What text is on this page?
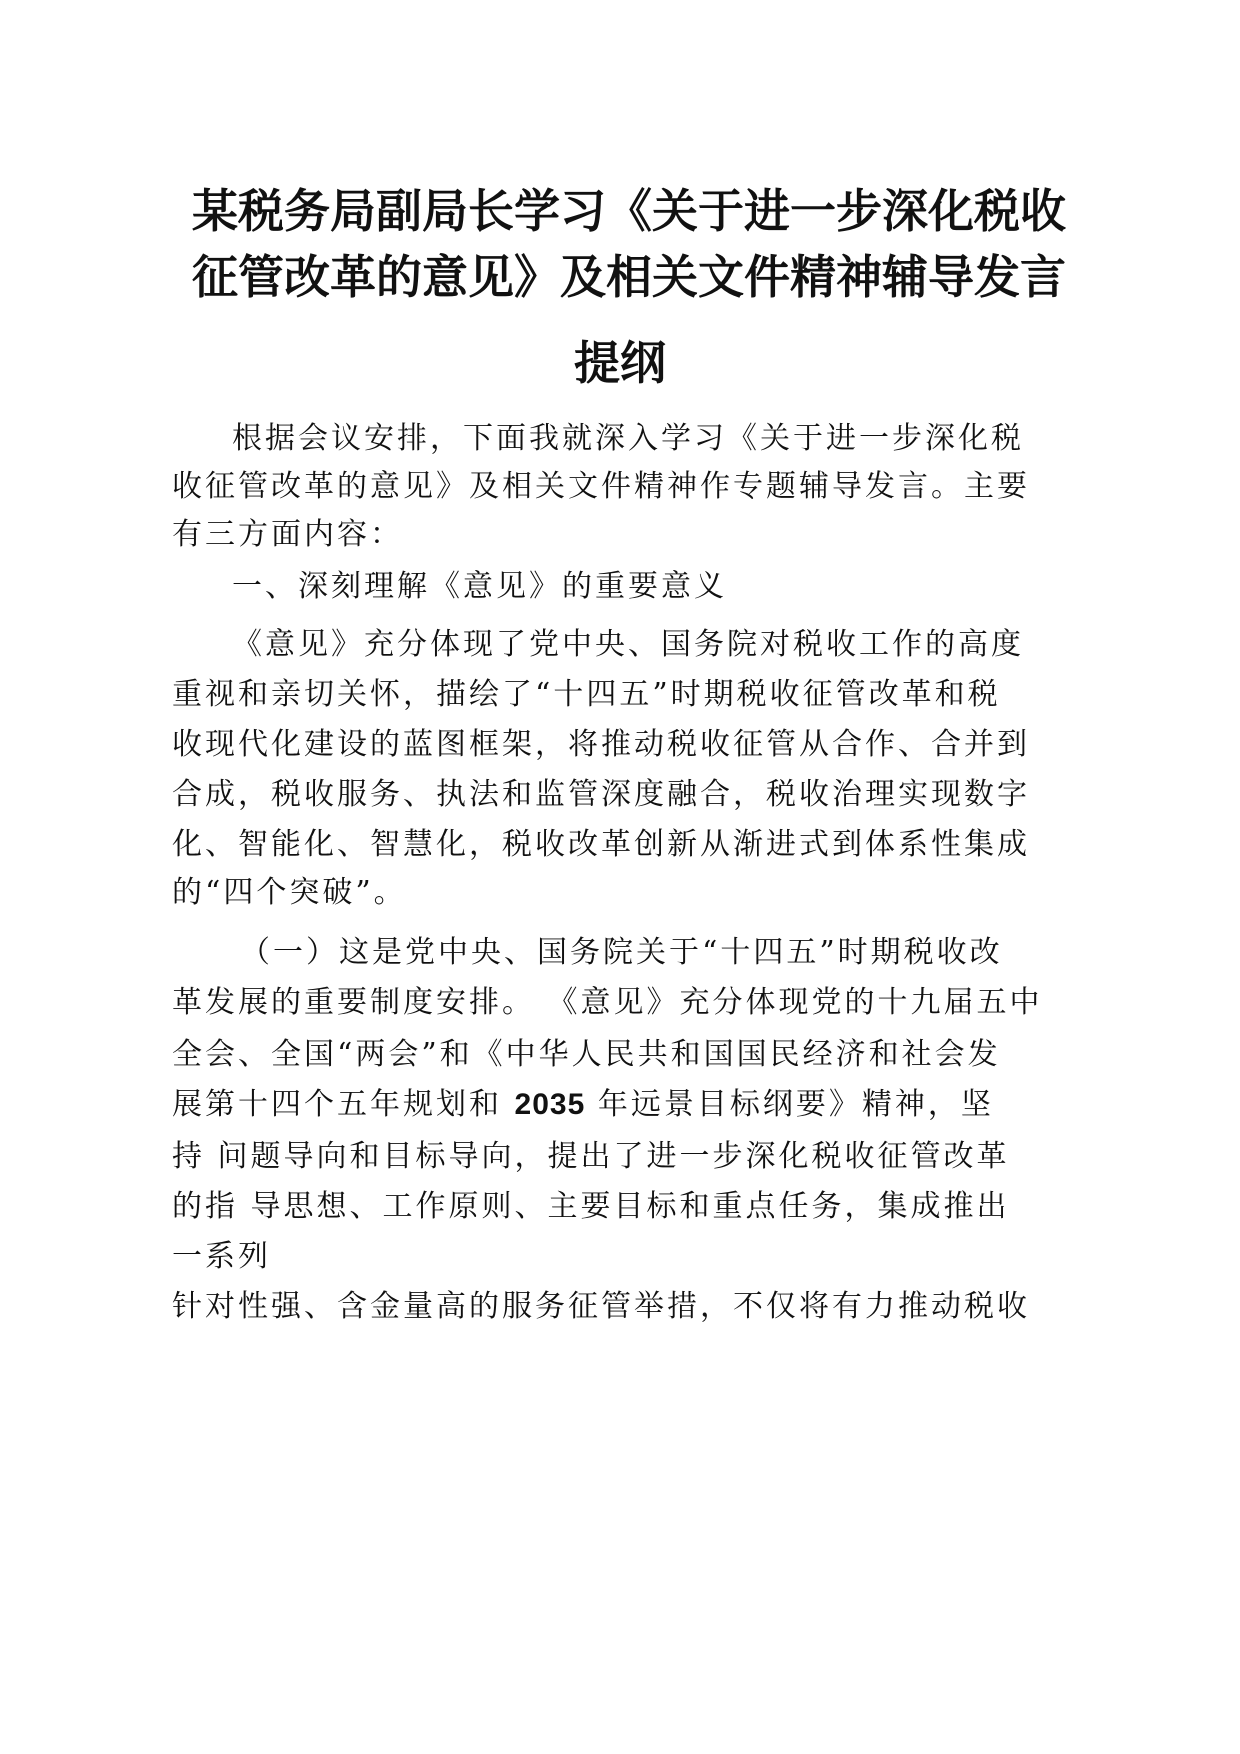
某税务局副局长学习《关于进一步深化税收
征管改革的意见》及相关文件精神辅导发言
提纲
根据会议安排，下面我就深入学习《关于进一步深化税
收征管改革的意见》及相关文件精神作专题辅导发言。主要
有三方面内容：
一、深刻理解《意见》的重要意义
《意见》充分体现了党中央、国务院对税收工作的高度
重视和亲切关怀，描绘了“十四五”时期税收征管改革和税
收现代化建设的蓝图框架，将推动税收征管从合作、合并到
合成，税收服务、执法和监管深度融合，税收治理实现数字
化、智能化、智慧化，税收改革创新从渐进式到体系性集成
的“四个突破”。
（一）这是党中央、国务院关于“十四五”时期税收改
革发展的重要制度安排。 《意见》充分体现党的十九届五中
全会、全国“两会”和《中华人民共和国国民经济和社会发
展第十四个五年规划和 2035 年远景目标纲要》精神，坚
持 问题导向和目标导向，提出了进一步深化税收征管改革
的指 导思想、工作原则、主要目标和重点任务，集成推出
一系列
针对性强、含金量高的服务征管举措，不仅将有力推动税收
